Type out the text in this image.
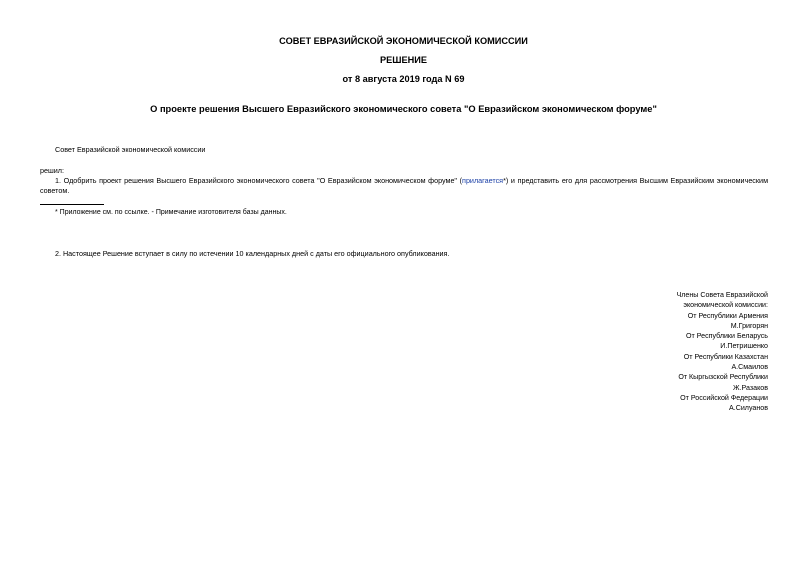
СОВЕТ ЕВРАЗИЙСКОЙ ЭКОНОМИЧЕСКОЙ КОМИССИИ
РЕШЕНИЕ
от 8 августа 2019 года N 69
О проекте решения Высшего Евразийского экономического совета "О Евразийском экономическом форуме"
Совет Евразийской экономической комиссии
решил:
1. Одобрить проект решения Высшего Евразийского экономического совета "О Евразийском экономическом форуме" (прилагается*) и представить его для рассмотрения Высшим Евразийским экономическим советом.
* Приложение см. по ссылке. - Примечание изготовителя базы данных.
2. Настоящее Решение вступает в силу по истечении 10 календарных дней с даты его официального опубликования.
Члены Совета Евразийской
экономической комиссии:
От Республики Армения
М.Григорян
От Республики Беларусь
И.Петришенко
От Республики Казахстан
А.Смаилов
От Кыргызской Республики
Ж.Разаков
От Российской Федерации
А.Силуанов
